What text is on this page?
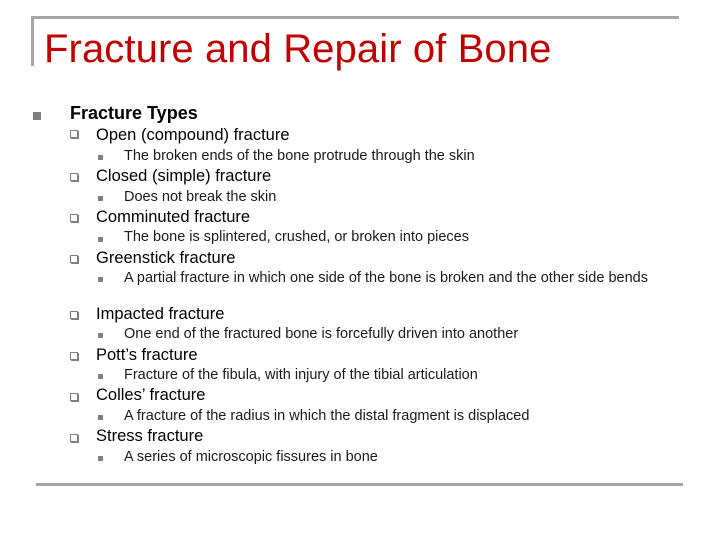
Fracture and Repair of Bone
Fracture Types
Open (compound) fracture
The broken ends of the bone protrude through the skin
Closed (simple) fracture
Does not break the skin
Comminuted fracture
The bone is splintered, crushed, or broken into pieces
Greenstick fracture
A partial fracture in which one side of the bone is broken and the other side bends
Impacted fracture
One end of the fractured bone is forcefully driven into another
Pott’s fracture
Fracture of the fibula, with injury of the tibial articulation
Colles’ fracture
A fracture of the radius in which the distal fragment is displaced
Stress fracture
A series of microscopic fissures in bone
